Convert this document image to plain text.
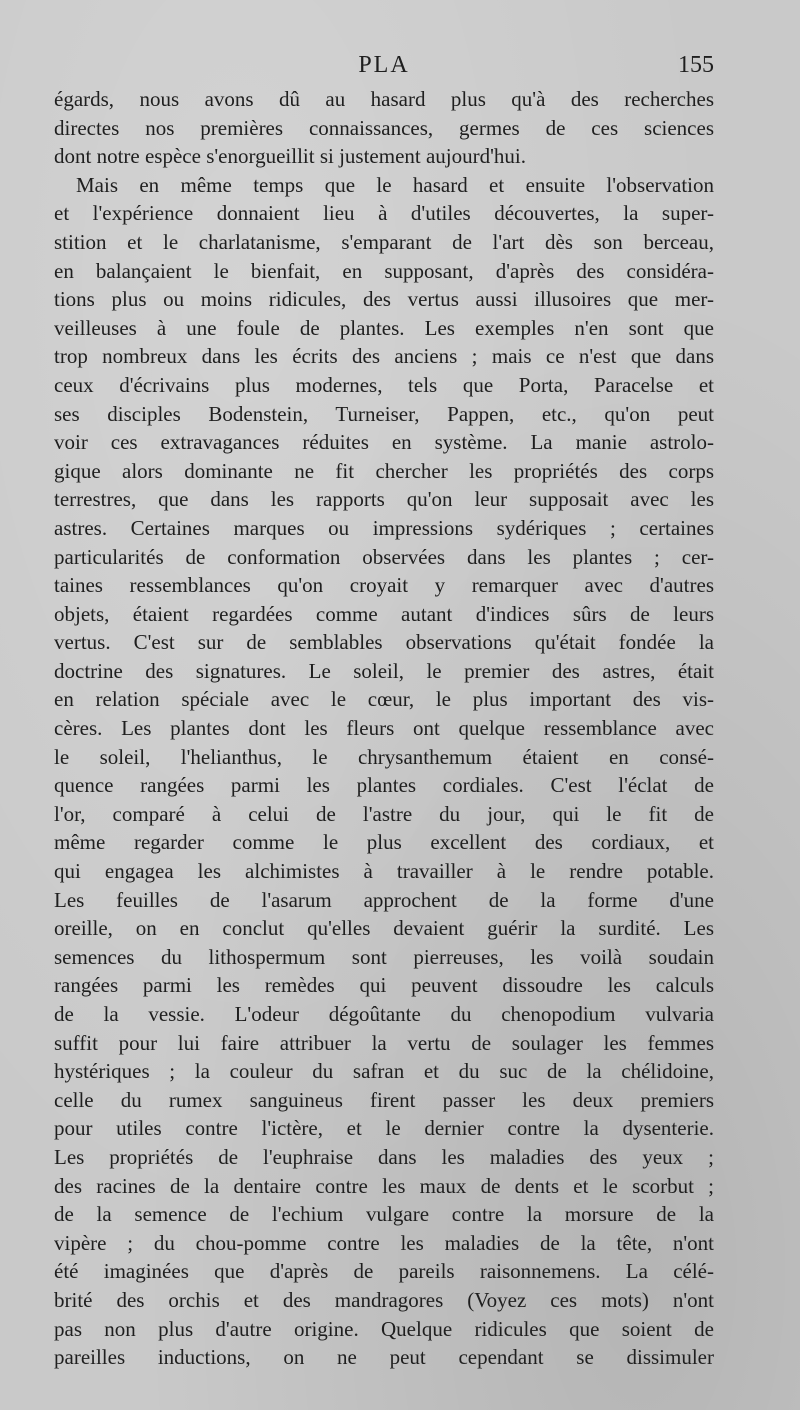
PLA	155
égards, nous avons dû au hasard plus qu'à des recherches
directes nos premières connaissances, germes de ces sciences
dont notre espèce s'enorgueillit si justement aujourd'hui.
Mais en même temps que le hasard et ensuite l'observation
et l'expérience donnaient lieu à d'utiles découvertes, la super-
stition et le charlatanisme, s'emparant de l'art dès son berceau,
en balançaient le bienfait, en supposant, d'après des considéra-
tions plus ou moins ridicules, des vertus aussi illusoires que mer-
veilleuses à une foule de plantes. Les exemples n'en sont que
trop nombreux dans les écrits des anciens ; mais ce n'est que dans
ceux d'écrivains plus modernes, tels que Porta, Paracelse et
ses disciples Bodenstein, Turneiser, Pappen, etc., qu'on peut
voir ces extravagances réduites en système. La manie astrolo-
gique alors dominante ne fit chercher les propriétés des corps
terrestres, que dans les rapports qu'on leur supposait avec les
astres. Certaines marques ou impressions sydériques ; certaines
particularités de conformation observées dans les plantes ; cer-
taines ressemblances qu'on croyait y remarquer avec d'autres
objets, étaient regardées comme autant d'indices sûrs de leurs
vertus. C'est sur de semblables observations qu'était fondée la
doctrine des signatures. Le soleil, le premier des astres, était
en relation spéciale avec le cœur, le plus important des vis-
cères. Les plantes dont les fleurs ont quelque ressemblance avec
le soleil, l'helianthus, le chrysanthemum étaient en consé-
quence rangées parmi les plantes cordiales. C'est l'éclat de
l'or, comparé à celui de l'astre du jour, qui le fit de
même regarder comme le plus excellent des cordiaux, et
qui engagea les alchimistes à travailler à le rendre potable.
Les feuilles de l'asarum approchent de la forme d'une
oreille, on en conclut qu'elles devaient guérir la surdité. Les
semences du lithospermum sont pierreuses, les voilà soudain
rangées parmi les remèdes qui peuvent dissoudre les calculs
de la vessie. L'odeur dégoûtante du chenopodium vulvaria
suffit pour lui faire attribuer la vertu de soulager les femmes
hystériques ; la couleur du safran et du suc de la chélidoine,
celle du rumex sanguineus firent passer les deux premiers
pour utiles contre l'ictère, et le dernier contre la dysenterie.
Les propriétés de l'euphraise dans les maladies des yeux ;
des racines de la dentaire contre les maux de dents et le scorbut ;
de la semence de l'echium vulgare contre la morsure de la
vipère ; du chou-pomme contre les maladies de la tête, n'ont
été imaginées que d'après de pareils raisonnemens. La célé-
brité des orchis et des mandragores (Voyez ces mots) n'ont
pas non plus d'autre origine. Quelque ridicules que soient de
pareilles inductions, on ne peut cependant se dissimuler
